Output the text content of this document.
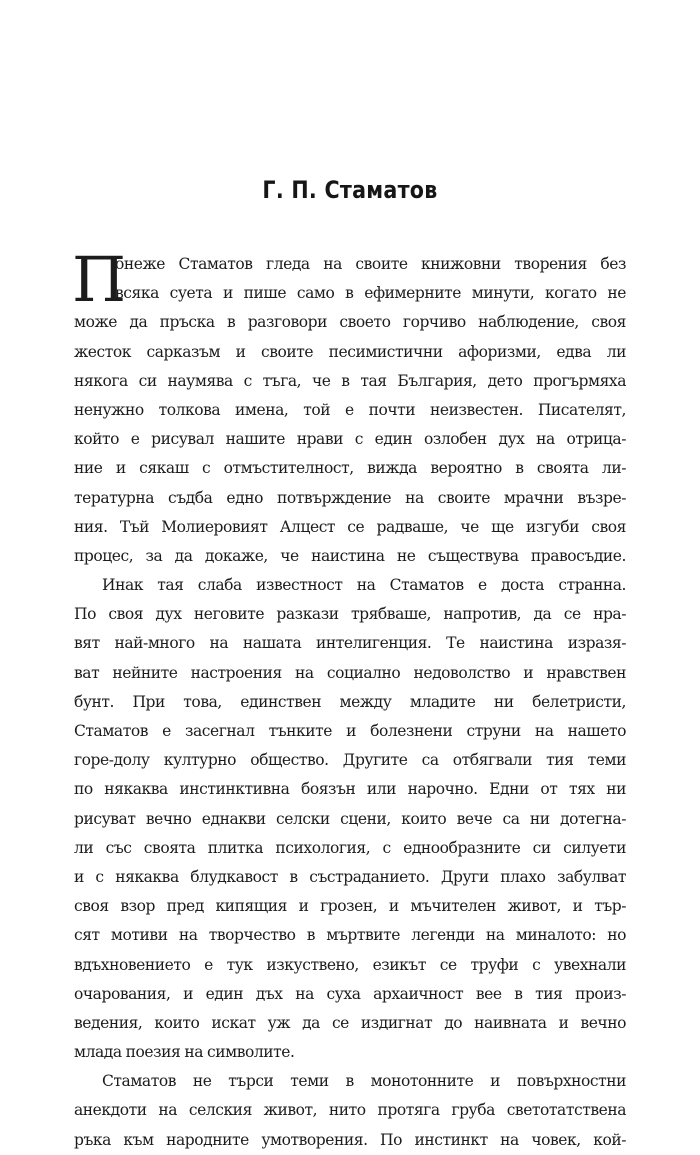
Г. П. Стаматов
П
онеже Стаматов гледа на своите книжовни творения без
всяка суета и пише само в ефимерните минути, когато не
може да пръска в разговори своето горчиво наблюдение, своя
жесток сарказъм и своите песимистични афоризми, едва ли
някога си наумява с тъга, че в тая България, дето прогърмяха
ненужно толкова имена, той е почти неизвестен. Писателят,
който е рисувал нашите нрави с един озлобен дух на отрица-
ние и сякаш с отмъстителност, вижда вероятно в своята ли-
тературна съдба едно потвърждение на своите мрачни възре-
ния. Тъй Молиеровият Алцест се радваше, че ще изгуби своя
процес, за да докаже, че наистина не съществува правосъдие.
Инак тая слаба известност на Стаматов е доста странна.
По своя дух неговите разкази трябваше, напротив, да се нра-
вят най-много на нашата интелигенция. Те наистина изразя-
ват нейните настроения на социално недоволство и нравствен
бунт. При това, единствен между младите ни белетристи,
Стаматов е засегнал тънките и болезнени струни на нашето
горе-долу културно общество. Другите са отбягвали тия теми
по някаква инстинктивна боязън или нарочно. Едни от тях ни
рисуват вечно еднакви селски сцени, които вече са ни дотегна-
ли със своята плитка психология, с еднообразните си силуети
и с някаква блудкавост в състраданието. Други плахо забулват
своя взор пред кипящия и грозен, и мъчителен живот, и тър-
сят мотиви на творчество в мъртвите легенди на миналото: но
вдъхновението е тук изкуствено, езикът се труфи с увехнали
очарования, и един дъх на суха архаичност вее в тия произ-
ведения, които искат уж да се издигнат до наивната и вечно
млада поезия на символите.
Стаматов не търси теми в монотонните и повърхностни
анекдоти на селския живот, нито протяга груба светотатствена
ръка към народните умотворения. По инстинкт на човек, кой-
